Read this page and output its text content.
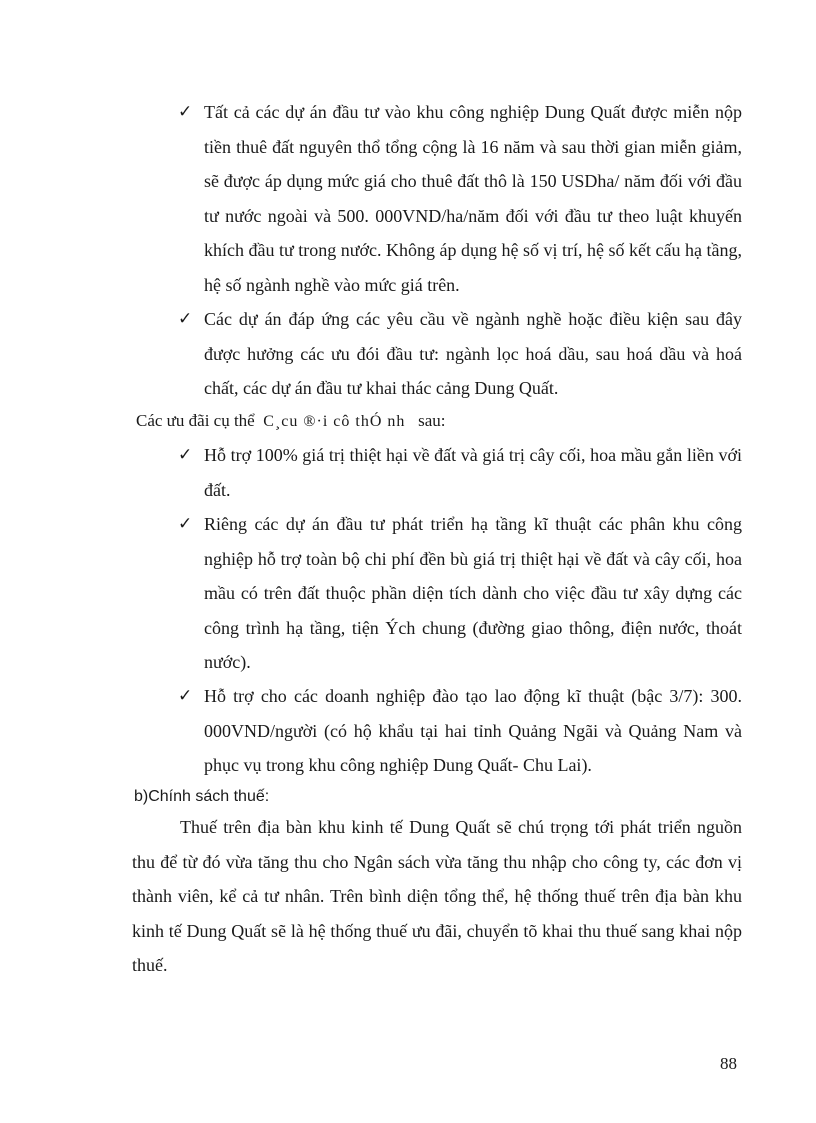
✓ Tất cả các dự án đầu tư vào khu công nghiệp Dung Quất được miễn nộp tiền thuê đất nguyên thổ tổng cộng là 16 năm và sau thời gian miễn giảm, sẽ được áp dụng mức giá cho thuê đất thô là 150 USDha/ năm đối với đầu tư nước ngoài và 500. 000VND/ha/năm đối với đầu tư theo luật khuyến khích đầu tư trong nước. Không áp dụng hệ số vị trí, hệ số kết cấu hạ tầng, hệ số ngành nghề vào mức giá trên.
✓ Các dự án đáp ứng các yêu cầu về ngành nghề hoặc điều kiện sau đây được hưởng các ưu đói đầu tư: ngành lọc hoá dầu, sau hoá dầu và hoá chất, các dự án đầu tư khai thác cảng Dung Quất.
Các ưu đãi cụ thể C¸cu ®·i cô thÓ nh sau:
✓ Hỗ trợ 100% giá trị thiệt hại về đất và giá trị cây cối, hoa mầu gắn liền với đất.
✓ Riêng các dự án đầu tư phát triển hạ tầng kĩ thuật các phân khu công nghiệp hỗ trợ toàn bộ chi phí đền bù giá trị thiệt hại về đất và cây cối, hoa mầu có trên đất thuộc phần diện tích dành cho việc đầu tư xây dựng các công trình hạ tầng, tiện Ých chung (đường giao thông, điện nước, thoát nước).
✓ Hỗ trợ cho các doanh nghiệp đào tạo lao động kĩ thuật (bậc 3/7): 300. 000VND/người (có hộ khẩu tại hai tỉnh Quảng Ngãi và Quảng Nam và phục vụ trong khu công nghiệp Dung Quất- Chu Lai).
b)Chính sách thuế:
Thuế trên địa bàn khu kinh tế Dung Quất sẽ chú trọng tới phát triển nguồn thu để từ đó vừa tăng thu cho Ngân sách vừa tăng thu nhập cho công ty, các đơn vị thành viên, kể cả tư nhân. Trên bình diện tổng thể, hệ thống thuế trên địa bàn khu kinh tế Dung Quất sẽ là hệ thống thuế ưu đãi, chuyển tõ khai thu thuế sang khai nộp thuế.
88
